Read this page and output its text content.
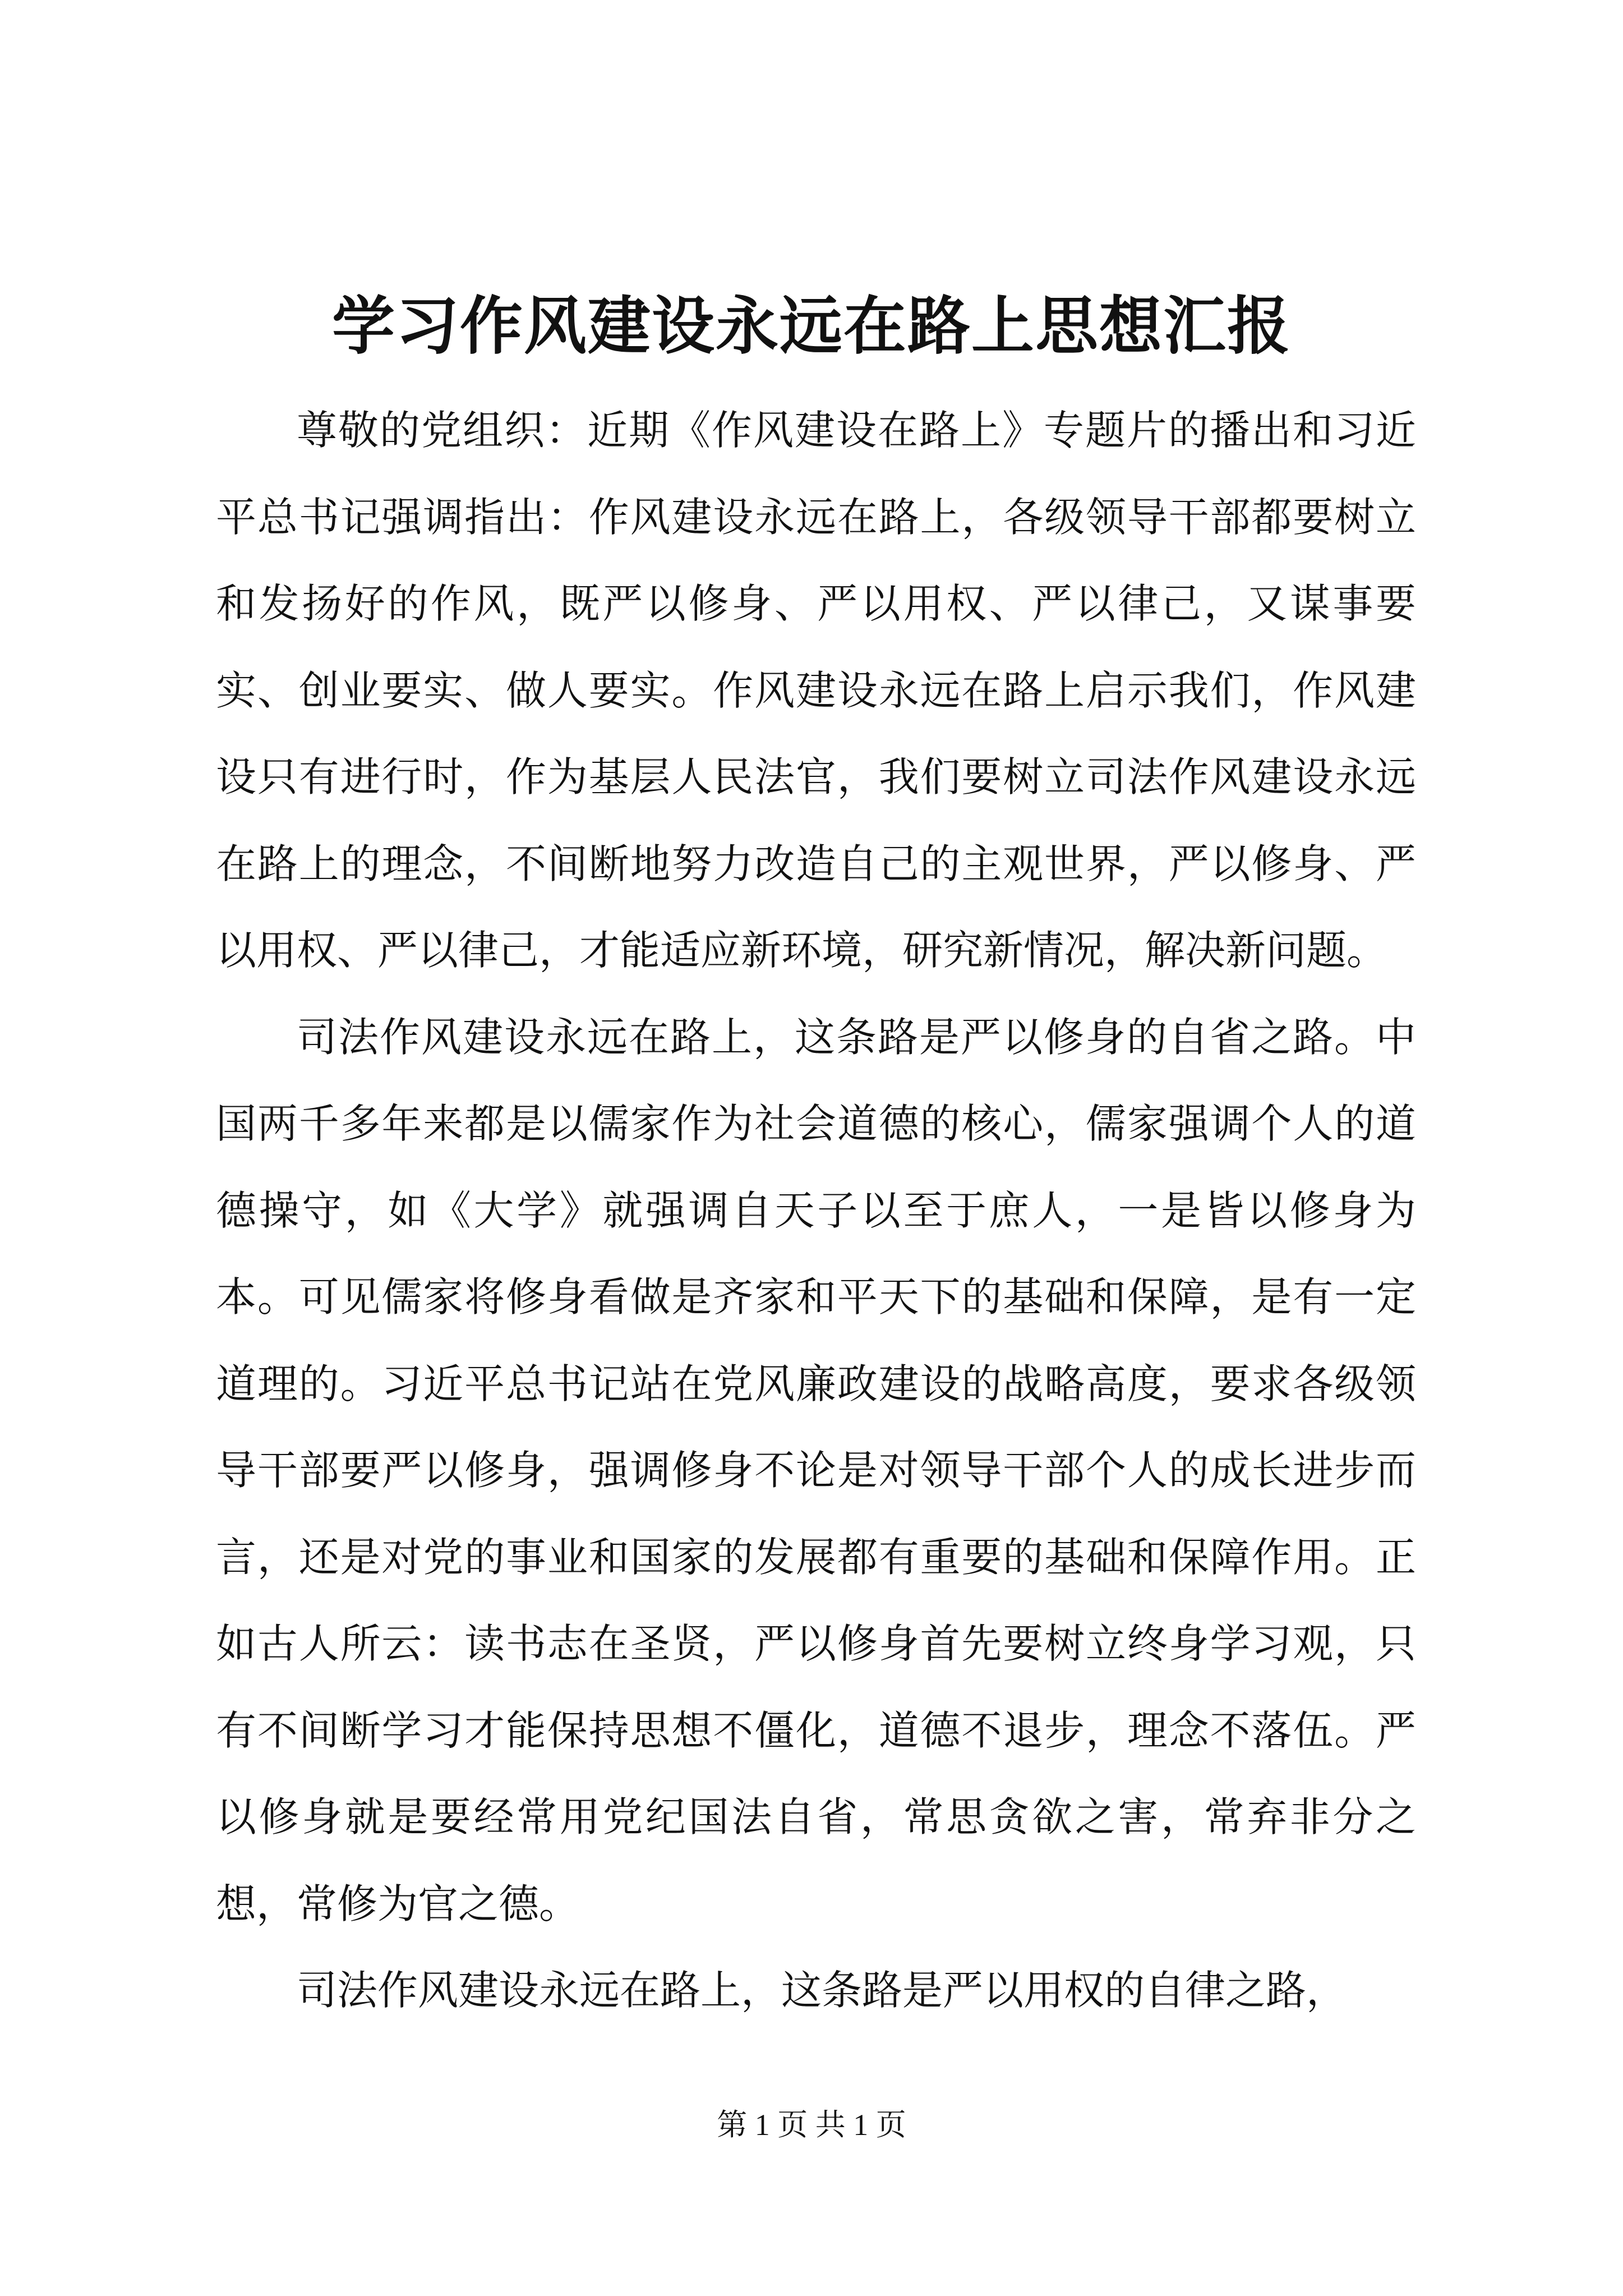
学习作风建设永远在路上思想汇报

尊敬的党组织：近期《作风建设在路上》专题片的播出和习近平总书记强调指出：作风建设永远在路上，各级领导干部都要树立和发扬好的作风，既严以修身、严以用权、严以律己，又谋事要实、创业要实、做人要实。作风建设永远在路上启示我们，作风建设只有进行时，作为基层人民法官，我们要树立司法作风建设永远在路上的理念，不间断地努力改造自己的主观世界，严以修身、严以用权、严以律己，才能适应新环境，研究新情况，解决新问题。

司法作风建设永远在路上，这条路是严以修身的自省之路。中国两千多年来都是以儒家作为社会道德的核心，儒家强调个人的道德操守，如《大学》就强调自天子以至于庶人，一是皆以修身为本。可见儒家将修身看做是齐家和平天下的基础和保障，是有一定道理的。习近平总书记站在党风廉政建设的战略高度，要求各级领导干部要严以修身，强调修身不论是对领导干部个人的成长进步而言，还是对党的事业和国家的发展都有重要的基础和保障作用。正如古人所云：读书志在圣贤，严以修身首先要树立终身学习观，只有不间断学习才能保持思想不僵化，道德不退步，理念不落伍。严以修身就是要经常用党纪国法自省，常思贪欲之害，常弃非分之想，常修为官之德。

司法作风建设永远在路上，这条路是严以用权的自律之路，

第 1 页 共 1 页
